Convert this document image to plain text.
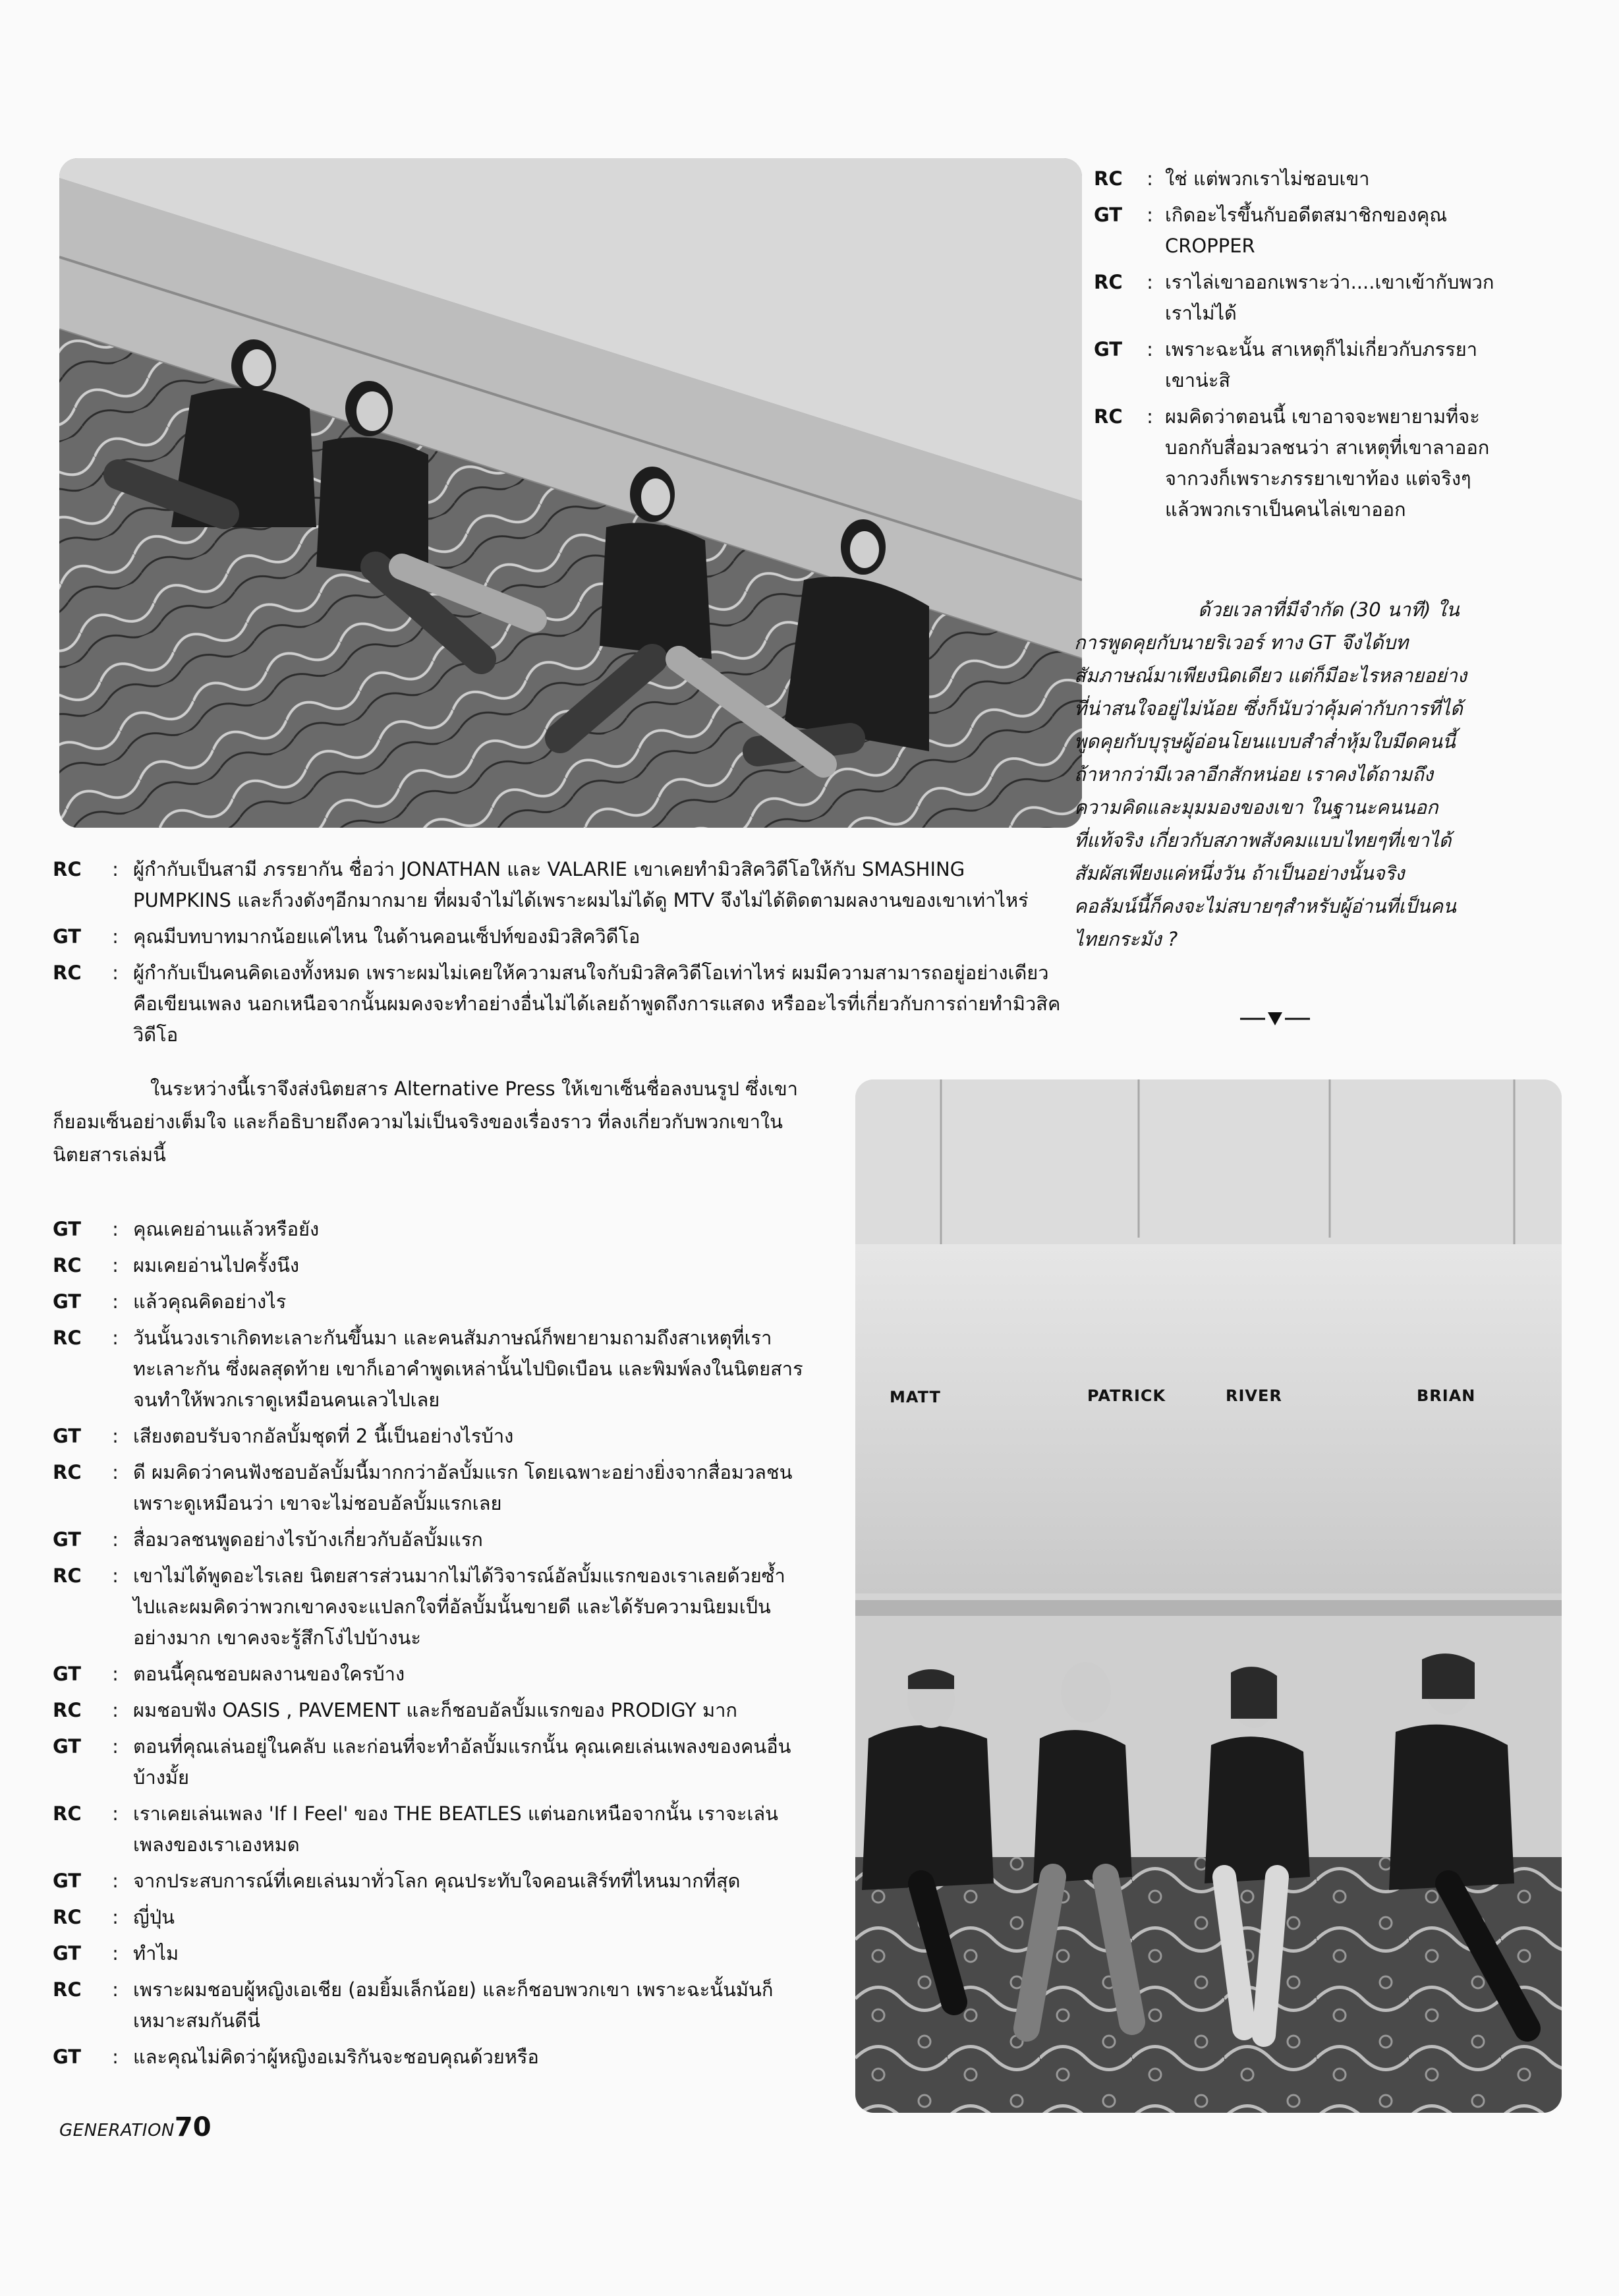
RC	: ใช่ แต่พวกเราไม่ชอบเขา
GT	: เกิดอะไรขึ้นกับอดีตสมาชิกของคุณ CROPPER
RC	: เราไล่เขาออกเพราะว่า....เขาเข้ากับพวกเราไม่ได้
GT	: เพราะฉะนั้น สาเหตุก็ไม่เกี่ยวกับภรรยาเขาน่ะสิ
RC	: ผมคิดว่าตอนนี้ เขาอาจจะพยายามที่จะบอกกับสื่อมวลชนว่า สาเหตุที่เขาลาออกจากวงก็เพราะภรรยาเขาท้อง แต่จริงๆแล้วพวกเราเป็นคนไล่เขาออก
ด้วยเวลาที่มีจำกัด (30 นาที) ในการพูดคุยกับนายริเวอร์ ทาง GT จึงได้บทสัมภาษณ์มาเพียงนิดเดียว แต่ก็มีอะไรหลายอย่างที่น่าสนใจอยู่ไม่น้อย ซึ่งก็นับว่าคุ้มค่ากับการที่ได้พูดคุยกับบุรุษผู้อ่อนโยนแบบสำส่ำหุ้มใบมีดคนนี้ ถ้าหากว่ามีเวลาอีกสักหน่อย เราคงได้ถามถึงความคิดและมุมมองของเขา ในฐานะคนนอกที่แท้จริง เกี่ยวกับสภาพสังคมแบบไทยๆที่เขาได้สัมผัสเพียงแค่หนึ่งวัน ถ้าเป็นอย่างนั้นจริง คอลัมน์นี้ก็คงจะไม่สบายๆสำหรับผู้อ่านที่เป็นคนไทยกระมัง ?
RC	: ผู้กำกับเป็นสามี ภรรยากัน ชื่อว่า JONATHAN และ VALARIE เขาเคยทำมิวสิควิดีโอให้กับ SMASHING PUMPKINS และก็วงดังๆอีกมากมาย ที่ผมจำไม่ได้เพราะผมไม่ได้ดู MTV จึงไม่ได้ติดตามผลงานของเขาเท่าไหร่
GT	: คุณมีบทบาทมากน้อยแค่ไหน ในด้านคอนเซ็ปท์ของมิวสิควิดีโอ
RC	: ผู้กำกับเป็นคนคิดเองทั้งหมด เพราะผมไม่เคยให้ความสนใจกับมิวสิควิดีโอเท่าไหร่ ผมมีความสามารถอยู่อย่างเดียวคือเขียนเพลง นอกเหนือจากนั้นผมคงจะทำอย่างอื่นไม่ได้เลยถ้าพูดถึงการแสดง หรืออะไรที่เกี่ยวกับการถ่ายทำมิวสิค วิดีโอ
ในระหว่างนี้เราจึงส่งนิตยสาร Alternative Press ให้เขาเซ็นชื่อลงบนรูป ซึ่งเขาก็ยอมเซ็นอย่างเต็มใจ และก็อธิบายถึงความไม่เป็นจริงของเรื่องราว ที่ลงเกี่ยวกับพวกเขาในนิตยสารเล่มนี้
GT	: คุณเคยอ่านแล้วหรือยัง
RC	: ผมเคยอ่านไปครั้งนึง
GT	: แล้วคุณคิดอย่างไร
RC	: วันนั้นวงเราเกิดทะเลาะกันขึ้นมา และคนสัมภาษณ์ก็พยายามถามถึงสาเหตุที่เราทะเลาะกัน ซึ่งผลสุดท้าย เขาก็เอาคำพูดเหล่านั้นไปบิดเบือน และพิมพ์ลงในนิตยสาร จนทำให้พวกเราดูเหมือนคนเลวไปเลย
GT	: เสียงตอบรับจากอัลบั้มชุดที่ 2 นี้เป็นอย่างไรบ้าง
RC	: ดี ผมคิดว่าคนฟังชอบอัลบั้มนี้มากกว่าอัลบั้มแรก โดยเฉพาะอย่างยิ่งจากสื่อมวลชนเพราะดูเหมือนว่า เขาจะไม่ชอบอัลบั้มแรกเลย
GT	: สื่อมวลชนพูดอย่างไรบ้างเกี่ยวกับอัลบั้มแรก
RC	: เขาไม่ได้พูดอะไรเลย นิตยสารส่วนมากไม่ได้วิจารณ์อัลบั้มแรกของเราเลยด้วยซ้ำไปและผมคิดว่าพวกเขาคงจะแปลกใจที่อัลบั้มนั้นขายดี และได้รับความนิยมเป็นอย่างมาก เขาคงจะรู้สึกโง่ไปบ้างนะ
GT	: ตอนนี้คุณชอบผลงานของใครบ้าง
RC	: ผมชอบฟัง OASIS , PAVEMENT และก็ชอบอัลบั้มแรกของ PRODIGY มาก
GT	: ตอนที่คุณเล่นอยู่ในคลับ และก่อนที่จะทำอัลบั้มแรกนั้น คุณเคยเล่นเพลงของคนอื่นบ้างมั้ย
RC	: เราเคยเล่นเพลง 'If I Feel' ของ THE BEATLES แต่นอกเหนือจากนั้น เราจะเล่นเพลงของเราเองหมด
GT	: จากประสบการณ์ที่เคยเล่นมาทั่วโลก คุณประทับใจคอนเสิร์ทที่ไหนมากที่สุด
RC	: ญี่ปุ่น
GT	: ทำไม
RC	: เพราะผมชอบผู้หญิงเอเชีย (อมยิ้มเล็กน้อย) และก็ชอบพวกเขา เพราะฉะนั้นมันก็เหมาะสมกันดีนี่
GT	: และคุณไม่คิดว่าผู้หญิงอเมริกันจะชอบคุณด้วยหรือ
MATT	PATRICK	RIVER	BRIAN
GENERATION70
